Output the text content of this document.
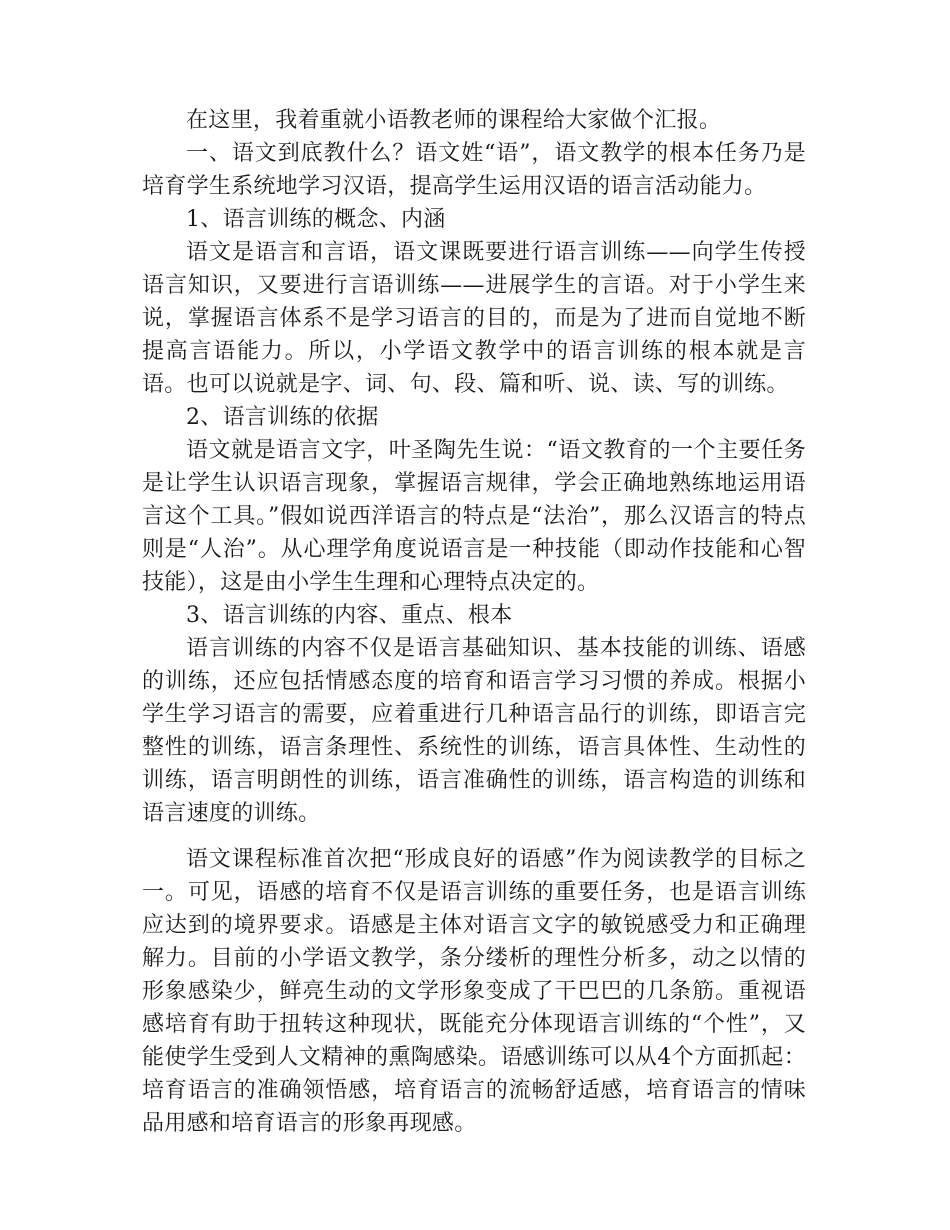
在这里，我着重就小语教老师的课程给大家做个汇报。

一、语文到底教什么？语文姓“语”，语文教学的根本任务乃是培育学生系统地学习汉语，提高学生运用汉语的语言活动能力。

1、语言训练的概念、内涵

语文是语言和言语，语文课既要进行语言训练——向学生传授语言知识，又要进行言语训练——进展学生的言语。对于小学生来说，掌握语言体系不是学习语言的目的，而是为了进而自觉地不断提高言语能力。所以，小学语文教学中的语言训练的根本就是言语。也可以说就是字、词、句、段、篇和听、说、读、写的训练。

2、语言训练的依据

语文就是语言文字，叶圣陶先生说：“语文教育的一个主要任务是让学生认识语言现象，掌握语言规律，学会正确地熟练地运用语言这个工具。”假如说西洋语言的特点是“法治”，那么汉语言的特点则是“人治”。从心理学角度说语言是一种技能（即动作技能和心智技能），这是由小学生生理和心理特点决定的。

3、语言训练的内容、重点、根本

语言训练的内容不仅是语言基础知识、基本技能的训练、语感的训练，还应包括情感态度的培育和语言学习习惯的养成。根据小学生学习语言的需要，应着重进行几种语言品行的训练，即语言完整性的训练，语言条理性、系统性的训练，语言具体性、生动性的训练，语言明朗性的训练，语言准确性的训练，语言构造的训练和语言速度的训练。

语文课程标准首次把“形成良好的语感”作为阅读教学的目标之一。可见，语感的培育不仅是语言训练的重要任务，也是语言训练应达到的境界要求。语感是主体对语言文字的敏锐感受力和正确理解力。目前的小学语文教学，条分缕析的理性分析多，动之以情的形象感染少，鲜亮生动的文学形象变成了干巴巴的几条筋。重视语感培育有助于扭转这种现状，既能充分体现语言训练的“个性”，又能使学生受到人文精神的熏陶感染。语感训练可以从4个方面抓起：培育语言的准确领悟感，培育语言的流畅舒适感，培育语言的情味品用感和培育语言的形象再现感。
